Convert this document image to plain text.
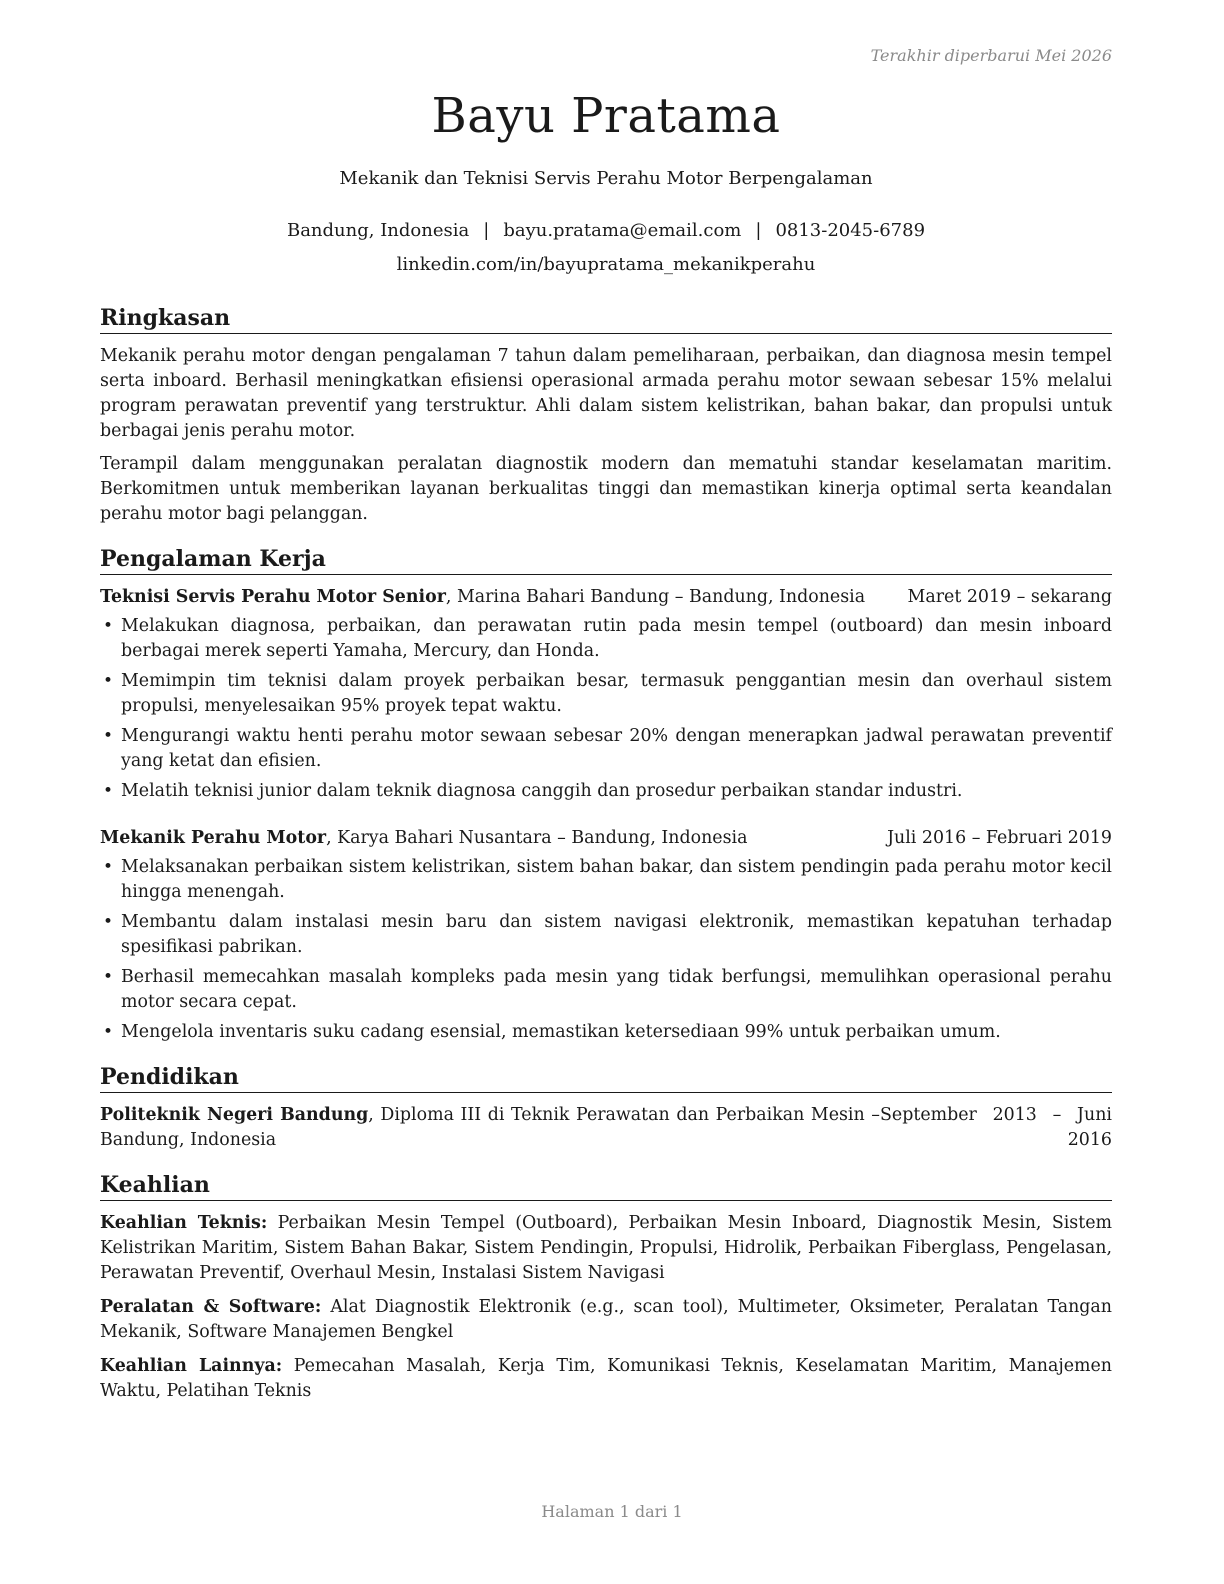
Terakhir diperbarui Mei 2026
Bayu Pratama
Mekanik dan Teknisi Servis Perahu Motor Berpengalaman
Bandung, Indonesia | bayu.pratama@email.com | 0813-2045-6789
linkedin.com/in/bayupratama_mekanikperahu
Ringkasan

Mekanik perahu motor dengan pengalaman 7 tahun dalam pemeliharaan, perbaikan, dan diagnosa mesin tempel serta inboard. Berhasil meningkatkan efisiensi operasional armada perahu motor sewaan sebesar 15% melalui program perawatan preventif yang terstruktur. Ahli dalam sistem kelistrikan, bahan bakar, dan propulsi untuk berbagai jenis perahu motor.

Terampil dalam menggunakan peralatan diagnostik modern dan mematuhi standar keselamatan maritim. Berkomitmen untuk memberikan layanan berkualitas tinggi dan memastikan kinerja optimal serta keandalan perahu motor bagi pelanggan.

Pengalaman Kerja
Teknisi Servis Perahu Motor Senior, Marina Bahari Bandung – Bandung, Indonesia Maret 2019 – sekarang
• Melakukan diagnosa, perbaikan, dan perawatan rutin pada mesin tempel (outboard) dan mesin inboard berbagai merek seperti Yamaha, Mercury, dan Honda.
• Memimpin tim teknisi dalam proyek perbaikan besar, termasuk penggantian mesin dan overhaul sistem propulsi, menyelesaikan 95% proyek tepat waktu.
• Mengurangi waktu henti perahu motor sewaan sebesar 20% dengan menerapkan jadwal perawatan preventif yang ketat dan efisien.
• Melatih teknisi junior dalam teknik diagnosa canggih dan prosedur perbaikan standar industri.
Mekanik Perahu Motor, Karya Bahari Nusantara – Bandung, Indonesia	Juli 2016 – Februari 2019
• Melaksanakan perbaikan sistem kelistrikan, sistem bahan bakar, dan sistem pendingin pada perahu motor kecil hingga menengah.
• Membantu dalam instalasi mesin baru dan sistem navigasi elektronik, memastikan kepatuhan terhadap spesifikasi pabrikan.
• Berhasil memecahkan masalah kompleks pada mesin yang tidak berfungsi, memulihkan operasional perahu motor secara cepat.
• Mengelola inventaris suku cadang esensial, memastikan ketersediaan 99% untuk perbaikan umum.
Pendidikan
Politeknik Negeri Bandung, Diploma III di Teknik Perawatan dan Perbaikan Mesin – Bandung, Indonesia
September 2013 – Juni 2016
Keahlian

Keahlian Teknis: Perbaikan Mesin Tempel (Outboard), Perbaikan Mesin Inboard, Diagnostik Mesin, Sistem Kelistrikan Maritim, Sistem Bahan Bakar, Sistem Pendingin, Propulsi, Hidrolik, Perbaikan Fiberglass, Pengelasan, Perawatan Preventif, Overhaul Mesin, Instalasi Sistem Navigasi

Peralatan & Software: Alat Diagnostik Elektronik (e.g., scan tool), Multimeter, Oksimeter, Peralatan Tangan Mekanik, Software Manajemen Bengkel

Keahlian Lainnya: Pemecahan Masalah, Kerja Tim, Komunikasi Teknis, Keselamatan Maritim, Manajemen Waktu, Pelatihan Teknis

Halaman 1 dari 1
